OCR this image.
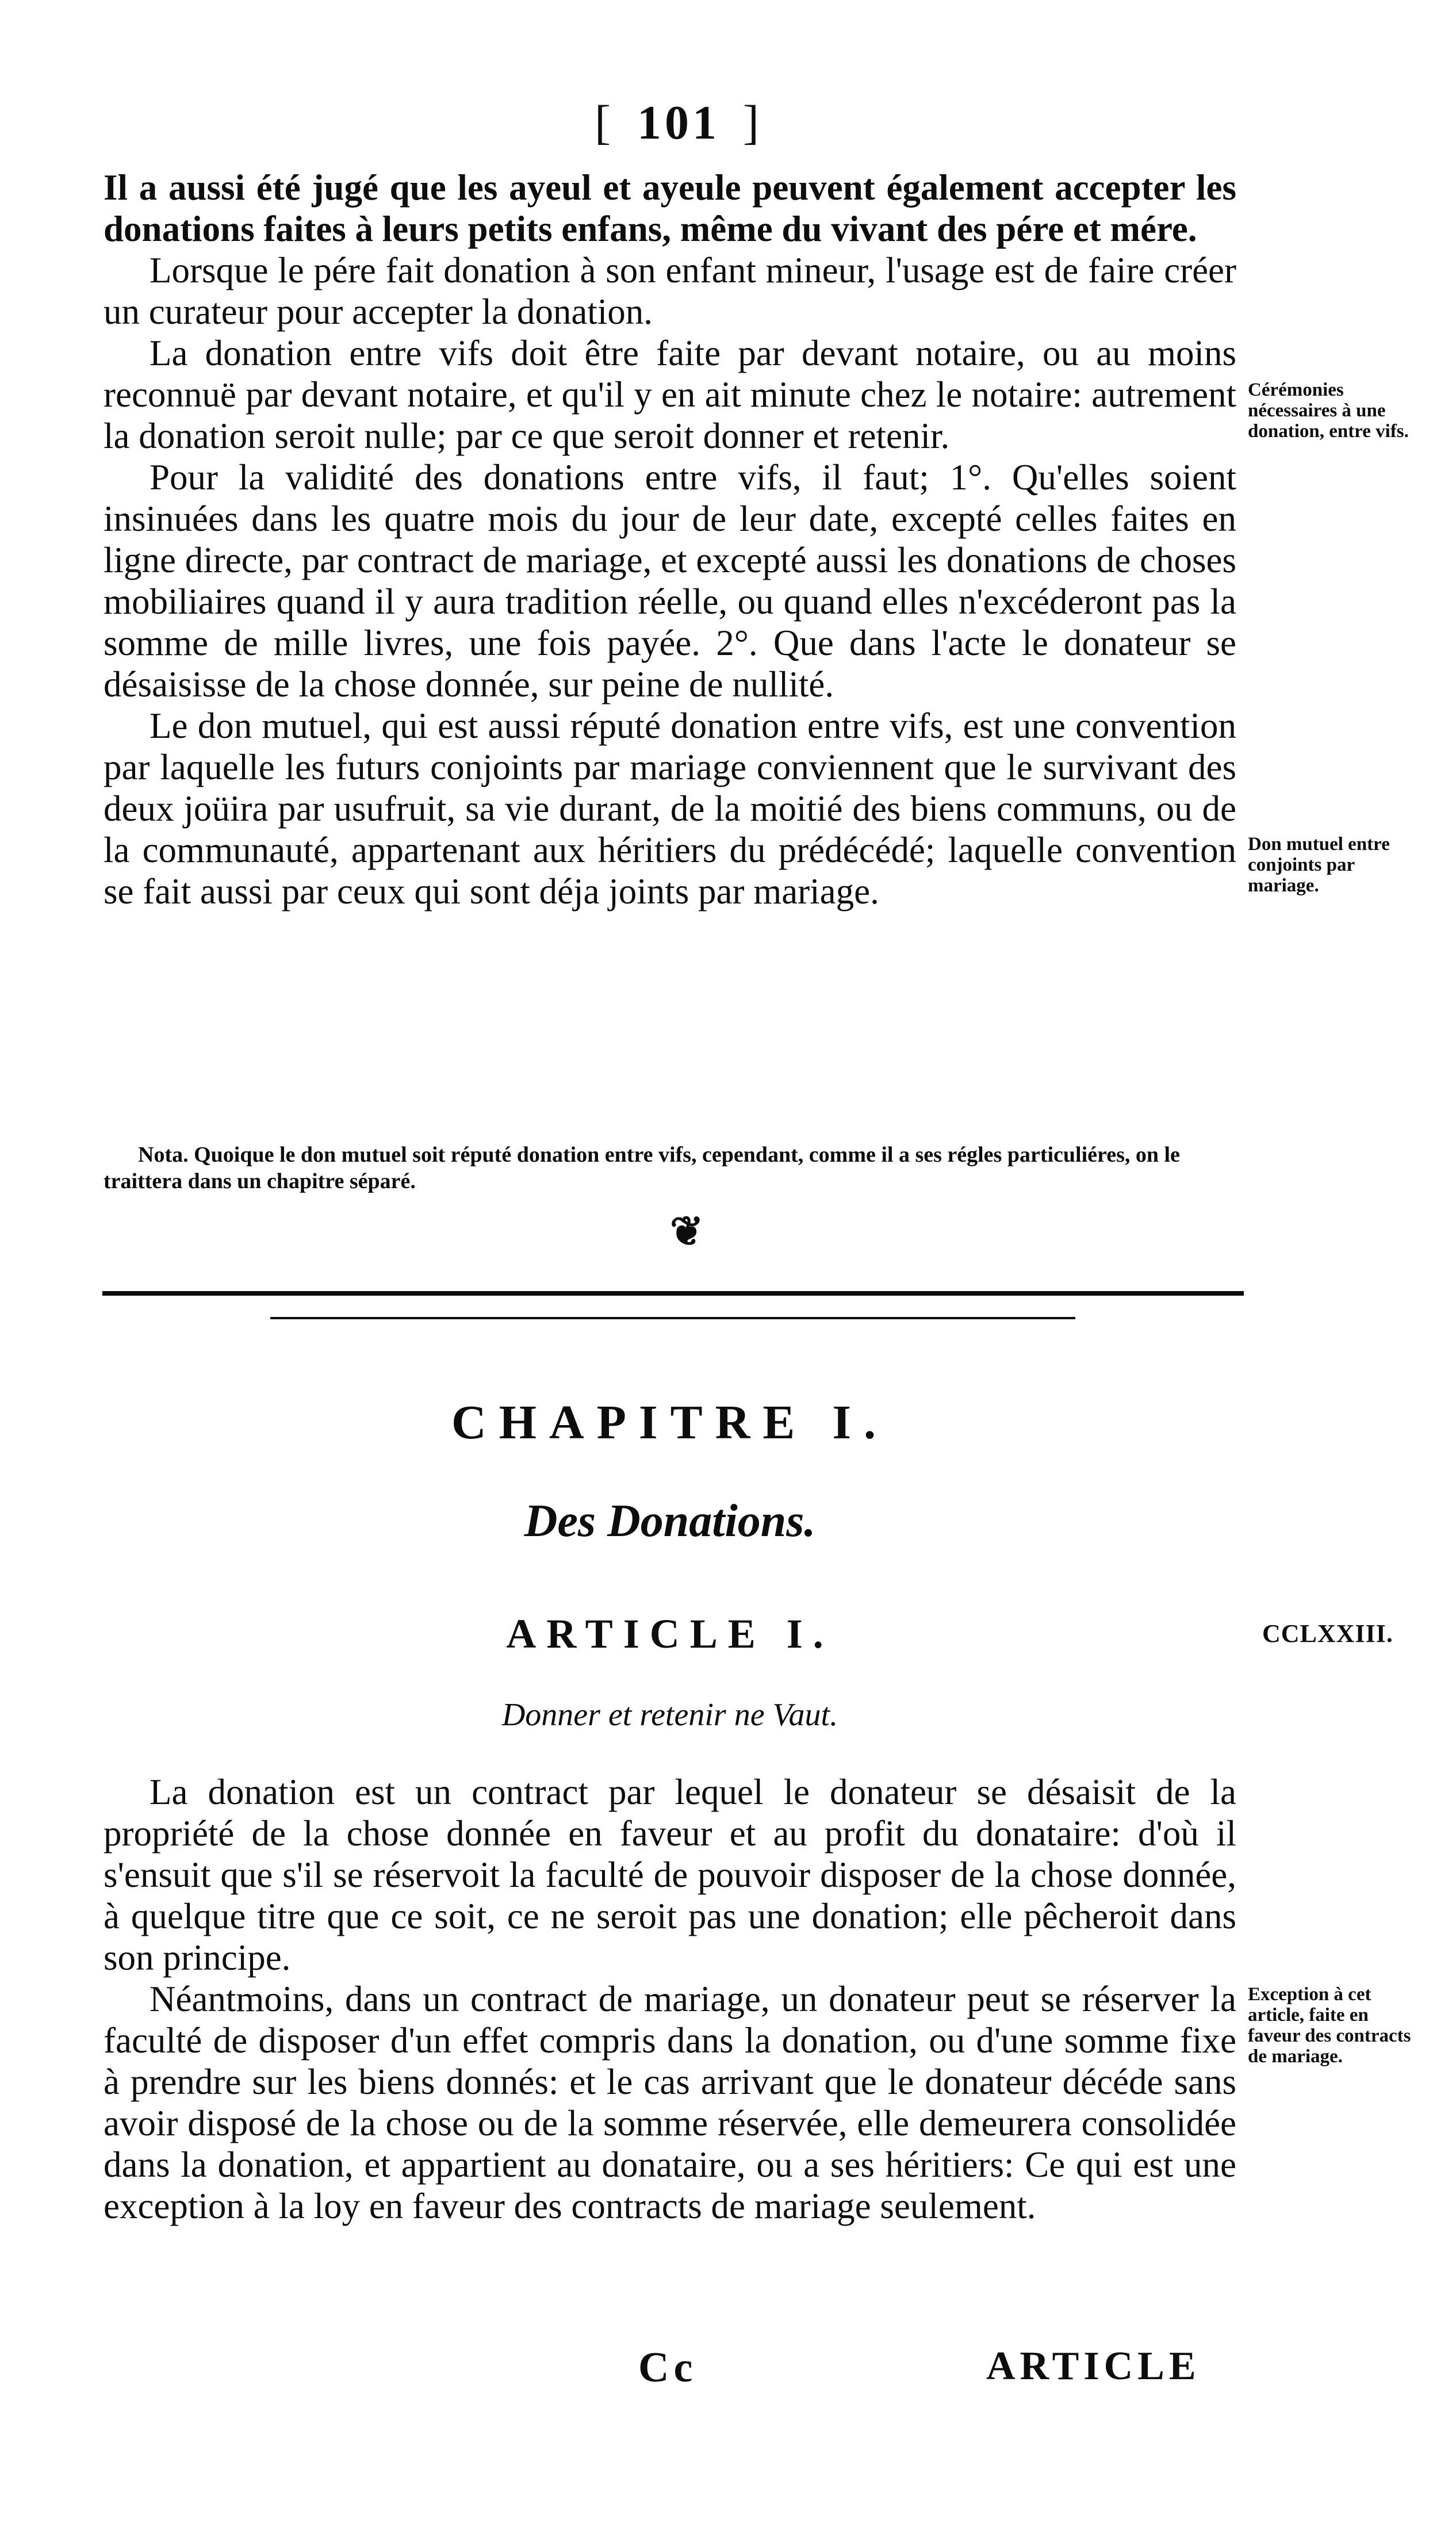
[ 101 ]

Il a aussi été jugé que les ayeul et ayeule peuvent également accepter les donations faites à leurs petits enfans, même du vivant des pére et mére.

Lorsque le pére fait donation à son enfant mineur, l'usage est de faire créer un curateur pour accepter la donation.

La donation entre vifs doit être faite par devant notaire, ou au moins reconnuë par devant notaire, et qu'il y en ait minute chez le notaire: autrement la donation seroit nulle; par ce que seroit donner et retenir.

Pour la validité des donations entre vifs, il faut; 1°. Qu'elles soient insinuées dans les quatre mois du jour de leur date, excepté celles faites en ligne directe, par contract de mariage, et excepté aussi les donations de choses mobiliaires quand il y aura tradition réelle, ou quand elles n'excéderont pas la somme de mille livres, une fois payée. 2°. Que dans l'acte le donateur se désaisisse de la chose donnée, sur peine de nullité.

Le don mutuel, qui est aussi réputé donation entre vifs, est une convention par laquelle les futurs conjoints par mariage conviennent que le survivant des deux joüira par usufruit, sa vie durant, de la moitié des biens communs, ou de la communauté, appartenant aux héritiers du prédécédé; laquelle convention se fait aussi par ceux qui sont déja joints par mariage.

Cérémonies nécessaires à une donation, entre vifs.
Don mutuel entre conjoints par mariage.
Nota. Quoique le don mutuel soit réputé donation entre vifs, cependant, comme il a ses régles particuliéres, on le traittera dans un chapitre séparé.
❦
CHAPITRE I.
Des Donations.
ARTICLE I.	CCLXXIII.
Donner et retenir ne Vaut.

La donation est un contract par lequel le donateur se désaisit de la propriété de la chose donnée en faveur et au profit du donataire: d'où il s'ensuit que s'il se réservoit la faculté de pouvoir disposer de la chose donnée, à quelque titre que ce soit, ce ne seroit pas une donation; elle pêcheroit dans son principe.

Néantmoins, dans un contract de mariage, un donateur peut se réserver la faculté de disposer d'un effet compris dans la donation, ou d'une somme fixe à prendre sur les biens donnés: et le cas arrivant que le donateur décéde sans avoir disposé de la chose ou de la somme réservée, elle demeurera consolidée dans la donation, et appartient au donataire, ou a ses héritiers: Ce qui est une exception à la loy en faveur des contracts de mariage seulement.

Exception à cet article, faite en faveur des contracts de mariage.
Cc	ARTICLE
